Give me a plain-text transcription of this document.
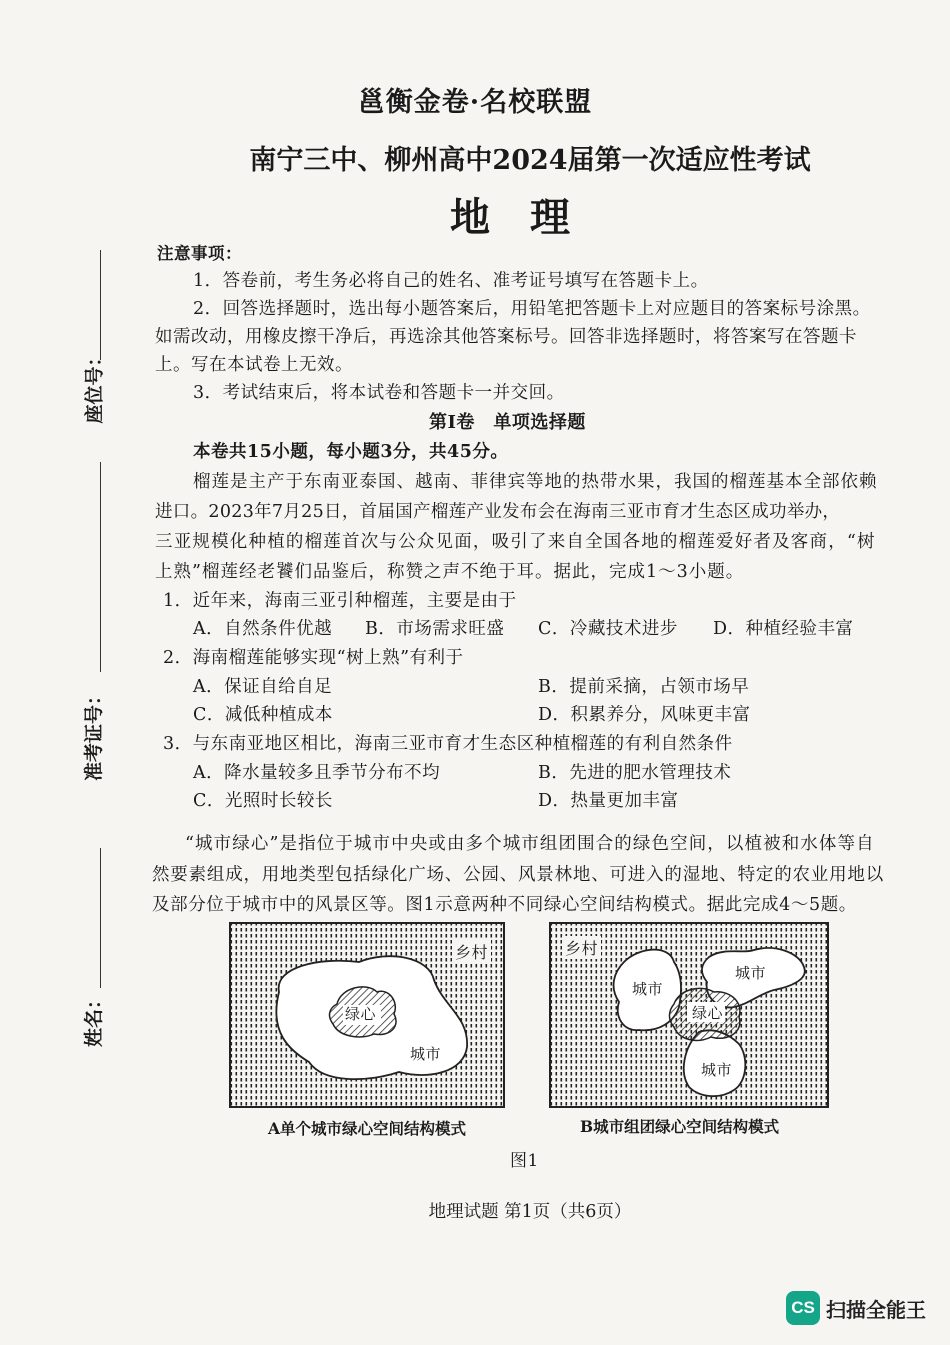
邕衡金卷·名校联盟
南宁三中、柳州高中2024届第一次适应性考试
地理
座位号：
准考证号：
姓名：
注意事项：
1．答卷前，考生务必将自己的姓名、准考证号填写在答题卡上。
2．回答选择题时，选出每小题答案后，用铅笔把答题卡上对应题目的答案标号涂黑。
如需改动，用橡皮擦干净后，再选涂其他答案标号。回答非选择题时，将答案写在答题卡
上。写在本试卷上无效。
3．考试结束后，将本试卷和答题卡一并交回。
第Ⅰ卷　单项选择题
本卷共15小题，每小题3分，共45分。
榴莲是主产于东南亚泰国、越南、菲律宾等地的热带水果，我国的榴莲基本全部依赖
进口。2023年7月25日，首届国产榴莲产业发布会在海南三亚市育才生态区成功举办，
三亚规模化种植的榴莲首次与公众见面，吸引了来自全国各地的榴莲爱好者及客商，“树
上熟”榴莲经老饕们品鉴后，称赞之声不绝于耳。据此，完成1～3小题。
1．近年来，海南三亚引种榴莲，主要是由于
A．自然条件优越 B．市场需求旺盛 C．冷藏技术进步 D．种植经验丰富
2．海南榴莲能够实现“树上熟”有利于
A．保证自给自足	B．提前采摘，占领市场早
C．减低种植成本	D．积累养分，风味更丰富
3．与东南亚地区相比，海南三亚市育才生态区种植榴莲的有利自然条件
A．降水量较多且季节分布不均	B．先进的肥水管理技术
C．光照时长较长	D．热量更加丰富
“城市绿心”是指位于城市中央或由多个城市组团围合的绿色空间，以植被和水体等自
然要素组成，用地类型包括绿化广场、公园、风景林地、可进入的湿地、特定的农业用地以
及部分位于城市中的风景区等。图1示意两种不同绿心空间结构模式。据此完成4～5题。
乡村
绿心
城市
A单个城市绿心空间结构模式
乡村
城市
城市
绿心
城市
B城市组团绿心空间结构模式
图1
地理试题 第1页（共6页）
CS 扫描全能王
